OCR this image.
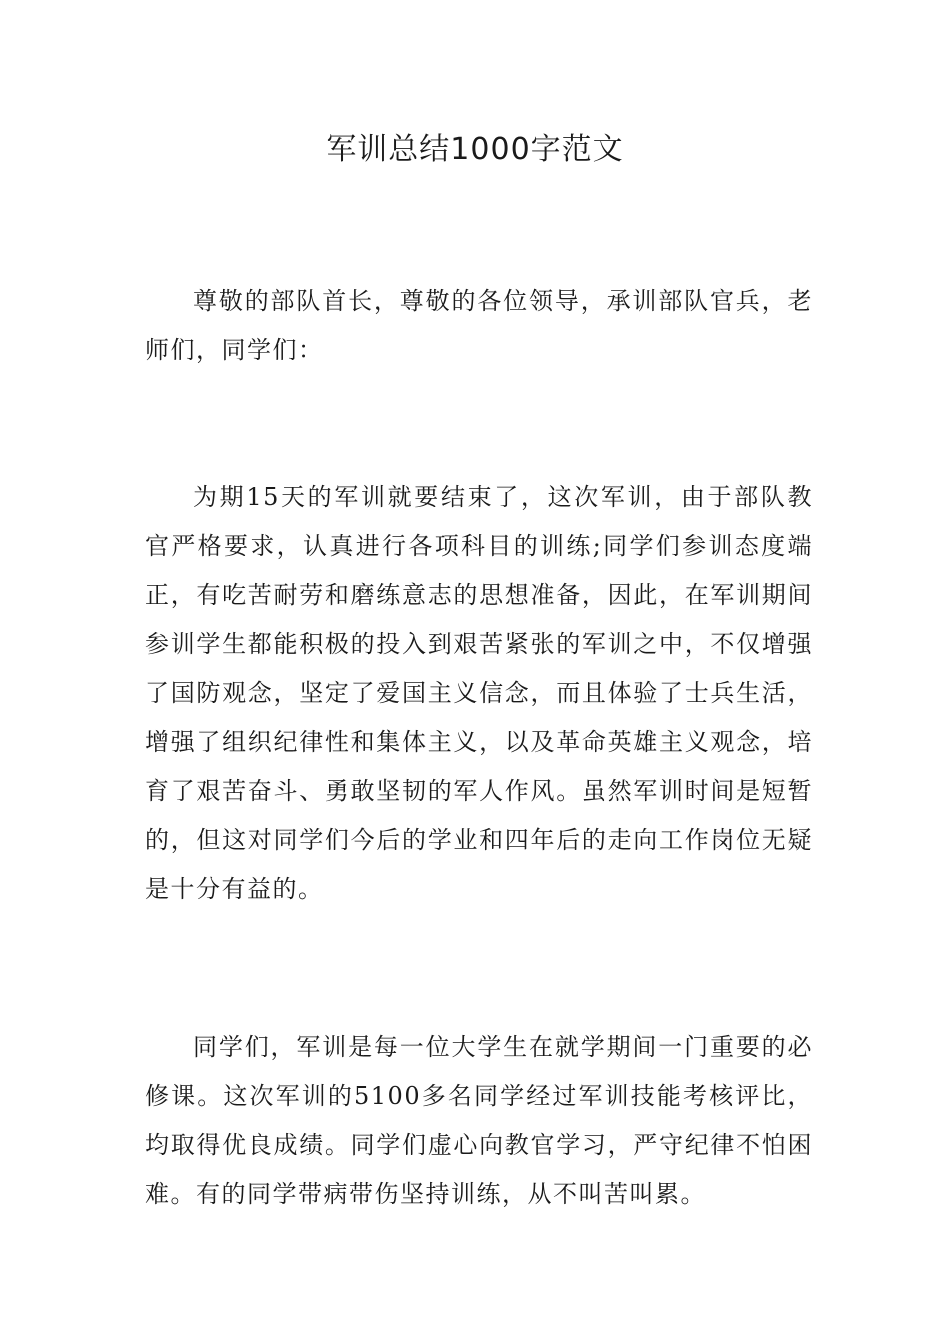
军训总结1000字范文

尊敬的部队首长，尊敬的各位领导，承训部队官兵，老师们，同学们：

为期15天的军训就要结束了，这次军训，由于部队教官严格要求，认真进行各项科目的训练;同学们参训态度端正，有吃苦耐劳和磨练意志的思想准备，因此，在军训期间参训学生都能积极的投入到艰苦紧张的军训之中，不仅增强了国防观念，坚定了爱国主义信念，而且体验了士兵生活，增强了组织纪律性和集体主义，以及革命英雄主义观念，培育了艰苦奋斗、勇敢坚韧的军人作风。虽然军训时间是短暂的，但这对同学们今后的学业和四年后的走向工作岗位无疑是十分有益的。

同学们，军训是每一位大学生在就学期间一门重要的必修课。这次军训的5100多名同学经过军训技能考核评比，均取得优良成绩。同学们虚心向教官学习，严守纪律不怕困难。有的同学带病带伤坚持训练，从不叫苦叫累。
